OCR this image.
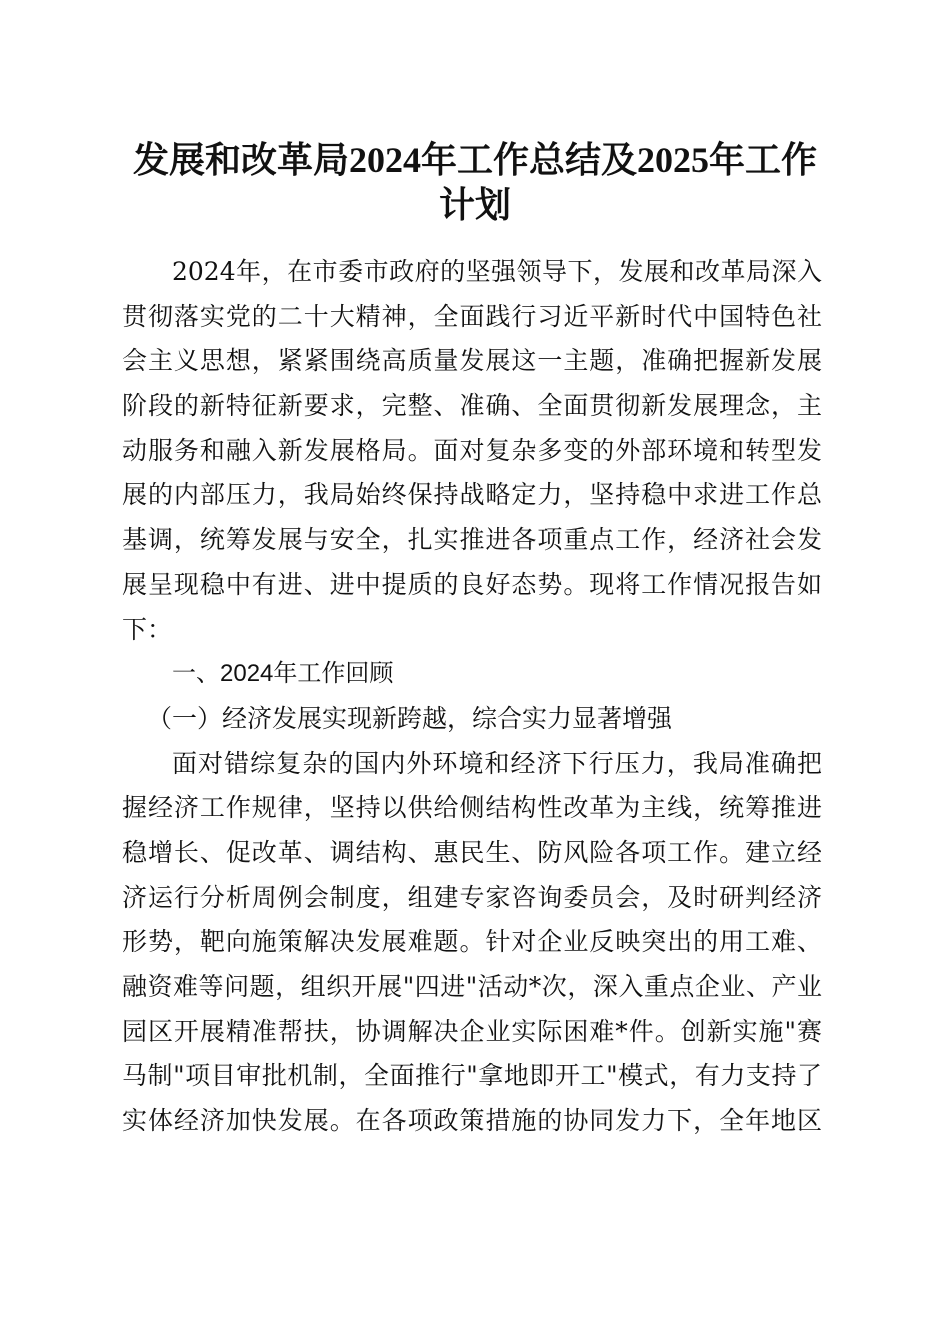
发展和改革局2024年工作总结及2025年工作
计划
2024年，在市委市政府的坚强领导下，发展和改革局深入
贯彻落实党的二十大精神，全面践行习近平新时代中国特色社
会主义思想，紧紧围绕高质量发展这一主题，准确把握新发展
阶段的新特征新要求，完整、准确、全面贯彻新发展理念，主
动服务和融入新发展格局。面对复杂多变的外部环境和转型发
展的内部压力，我局始终保持战略定力，坚持稳中求进工作总
基调，统筹发展与安全，扎实推进各项重点工作，经济社会发
展呈现稳中有进、进中提质的良好态势。现将工作情况报告如
下：
一、2024年工作回顾
（一）经济发展实现新跨越，综合实力显著增强
面对错综复杂的国内外环境和经济下行压力，我局准确把
握经济工作规律，坚持以供给侧结构性改革为主线，统筹推进
稳增长、促改革、调结构、惠民生、防风险各项工作。建立经
济运行分析周例会制度，组建专家咨询委员会，及时研判经济
形势，靶向施策解决发展难题。针对企业反映突出的用工难、
融资难等问题，组织开展"四进"活动*次，深入重点企业、产业
园区开展精准帮扶，协调解决企业实际困难*件。创新实施"赛
马制"项目审批机制，全面推行"拿地即开工"模式，有力支持了
实体经济加快发展。在各项政策措施的协同发力下，全年地区
